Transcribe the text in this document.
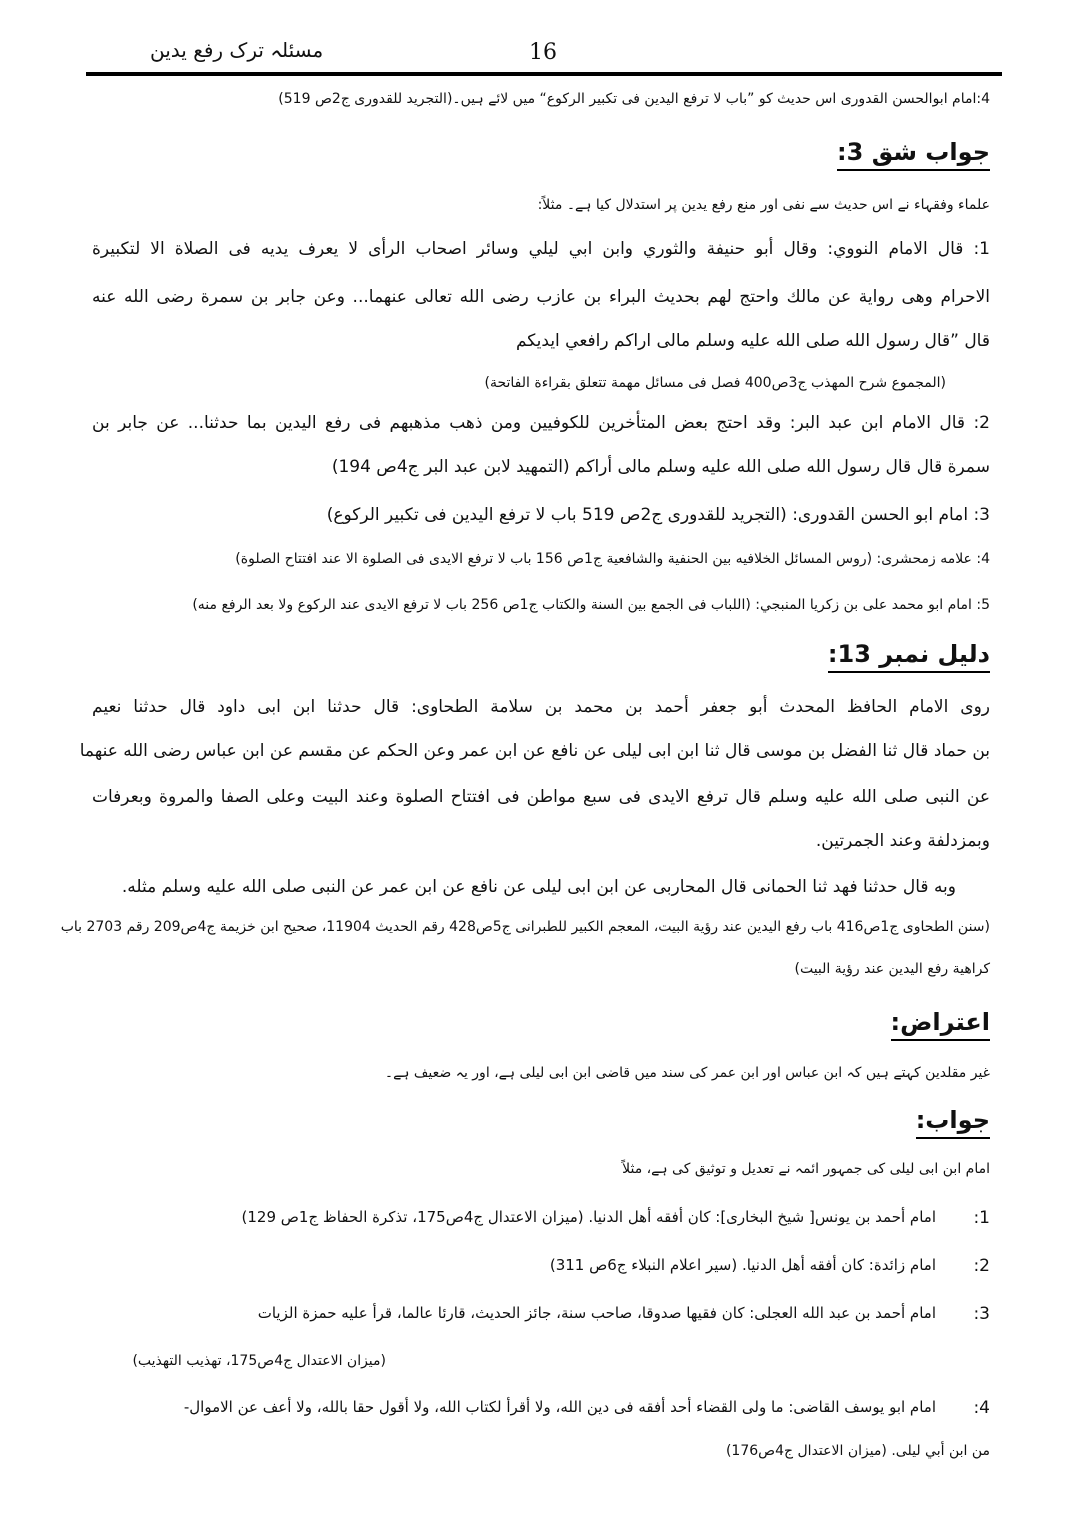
مسئلہ ترک رفع یدین	16
4:امام ابوالحسن القدوری اس حدیث کو ”باب لا ترفع الیدین فی تکبیر الرکوع“ میں لائے ہیں۔(التجرید للقدوری ج2ص 519)
جواب شق 3:
علماء وفقہاء نے اس حدیث سے نفی اور منع رفع یدین پر استدلال کیا ہے۔ مثلاً:
1: قال الامام النووي: وقال أبو حنيفة والثوري وابن ابي ليلي وسائر اصحاب الرأى لا يعرف يديه فى الصلاة الا لتكبيرة
الاحرام وهى رواية عن مالك واحتج لهم بحديث البراء بن عازب رضى الله تعالى عنهما... وعن جابر بن سمرة رضى الله عنه
قال ”قال رسول الله صلى الله عليه وسلم مالى اراكم رافعي ايديكم
(المجموع شرح المهذب ج3ص400 فصل فى مسائل مهمة تتعلق بقراءة الفاتحة)
2: قال الامام ابن عبد البر: وقد احتج بعض المتأخرين للكوفيين ومن ذهب مذهبهم فى رفع اليدين بما حدثنا... عن جابر بن
سمرة قال قال رسول الله صلى الله عليه وسلم مالى أراكم (التمهيد لابن عبد البر ج4ص 194)
3: امام ابو الحسن القدورى: (التجريد للقدورى ج2ص 519 باب لا ترفع اليدين فى تكبير الركوع)
4: علامه زمحشرى: (روس المسائل الخلافيه بين الحنفية والشافعية ج1ص 156 باب لا ترفع الايدى فى الصلوة الا عند افتتاح الصلوة)
5: امام ابو محمد على بن زكريا المنبجي: (اللباب فى الجمع بين السنة والكتاب ج1ص 256 باب لا ترفع الايدى عند الركوع ولا بعد الرفع منه)
دلیل نمبر 13:
روى الامام الحافظ المحدث أبو جعفر أحمد بن محمد بن سلامة الطحاوى: قال حدثنا ابن ابى داود قال حدثنا نعيم
بن حماد قال ثنا الفضل بن موسى قال ثنا ابن ابى ليلى عن نافع عن ابن عمر وعن الحكم عن مقسم عن ابن عباس رضى الله عنهما
عن النبى صلى الله عليه وسلم قال ترفع الايدى فى سبع مواطن فى افتتاح الصلوة وعند البيت وعلى الصفا والمروة وبعرفات
وبمزدلفة وعند الجمرتين.
وبه قال حدثنا فهد ثنا الحمانى قال المحاربى عن ابن ابى ليلى عن نافع عن ابن عمر عن النبى صلى الله عليه وسلم مثله.
(سنن الطحاوى ج1ص416 باب رفع اليدين عند رؤية البيت، المعجم الكبير للطبرانى ج5ص428 رقم الحديث 11904، صحيح ابن خزيمة ج4ص209 رقم 2703 باب
كراهية رفع اليدين عند رؤية البيت)
اعتراض:
غیر مقلدین کہتے ہیں کہ ابن عباس اور ابن عمر کی سند میں قاضی ابن ابی لیلی ہے، اور یہ ضعیف ہے۔
جواب:
امام ابن ابی لیلی کی جمہور ائمہ نے تعدیل و توثیق کی ہے، مثلاً
1:
امام أحمد بن يونس[ شيخ البخارى]: كان أفقه أهل الدنيا. (ميزان الاعتدال ج4ص175، تذكرة الحفاظ ج1ص 129)
2:
امام زائدة: كان أفقه أهل الدنيا. (سير اعلام النبلاء ج6ص 311)
3:
امام أحمد بن عبد الله العجلى: كان فقيها صدوقا، صاحب سنة، جائز الحديث، قارئا عالما، قرأ عليه حمزة الزيات
(ميزان الاعتدال ج4ص175، تهذيب التهذيب)
4:
امام ابو يوسف القاضى: ما ولى القضاء أحد أفقه فى دين الله، ولا أقرأ لكتاب الله، ولا أقول حقا بالله، ولا أعف عن الاموال-
من ابن أبي ليلى. (ميزان الاعتدال ج4ص176)
